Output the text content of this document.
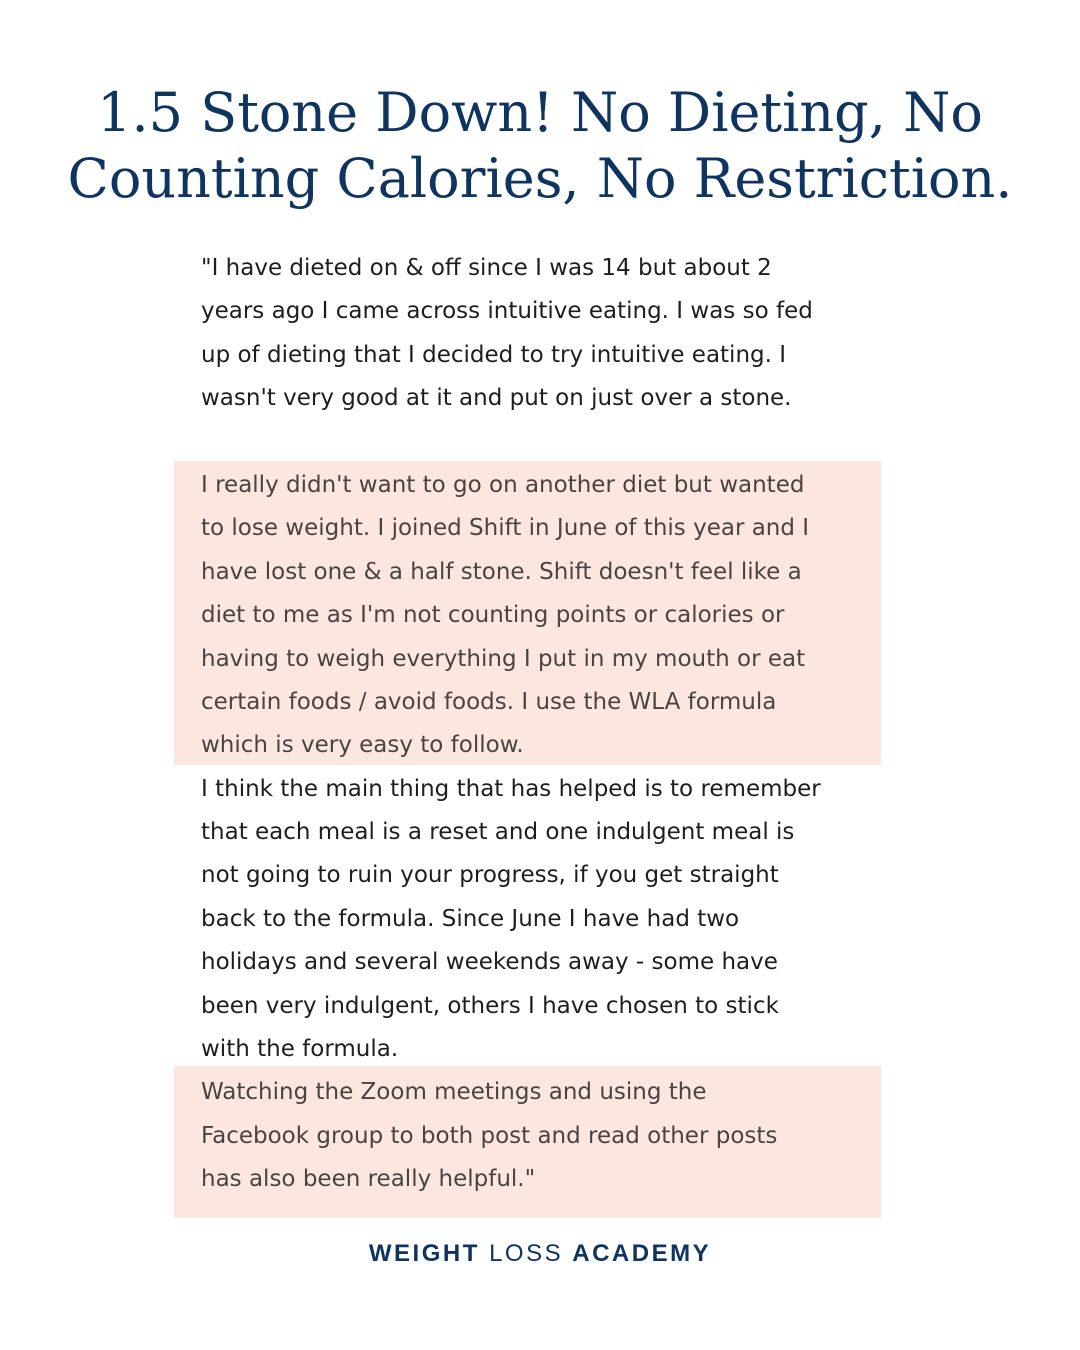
1.5 Stone Down! No Dieting, No
Counting Calories, No Restriction.
"I have dieted on & off since I was 14 but about 2
years ago I came across intuitive eating. I was so fed
up of dieting that I decided to try intuitive eating. I
wasn't very good at it and put on just over a stone.
I really didn't want to go on another diet but wanted
to lose weight. I joined Shift in June of this year and I
have lost one & a half stone. Shift doesn't feel like a
diet to me as I'm not counting points or calories or
having to weigh everything I put in my mouth or eat
certain foods / avoid foods. I use the WLA formula
which is very easy to follow.
I think the main thing that has helped is to remember
that each meal is a reset and one indulgent meal is
not going to ruin your progress, if you get straight
back to the formula. Since June I have had two
holidays and several weekends away - some have
been very indulgent, others I have chosen to stick
with the formula.
Watching the Zoom meetings and using the
Facebook group to both post and read other posts
has also been really helpful."
WEIGHT LOSS ACADEMY
